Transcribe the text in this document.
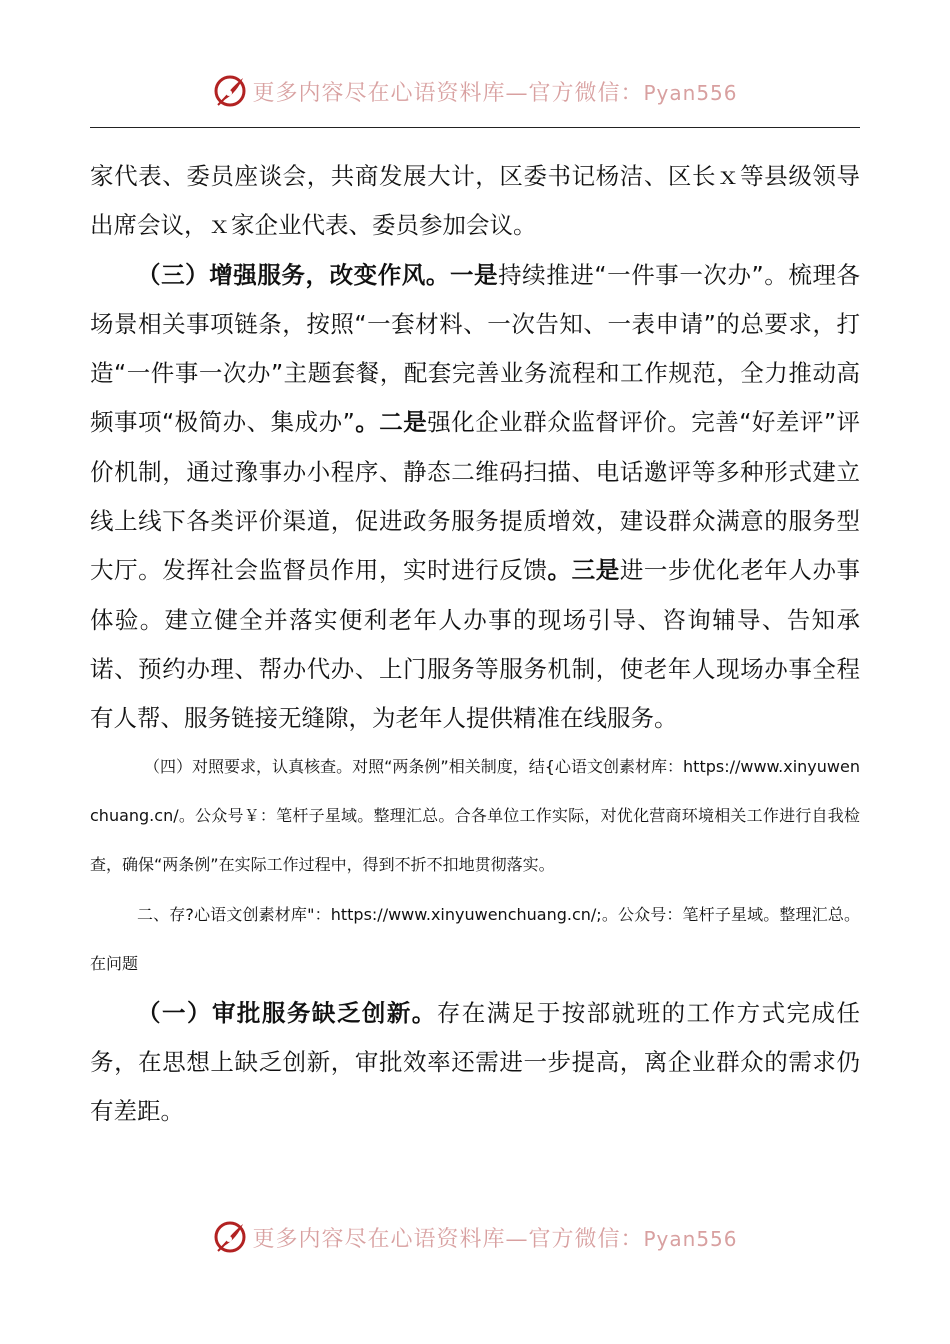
更多内容尽在心语资料库—官方微信：Pyan556

家代表、委员座谈会，共商发展大计，区委书记杨洁、区长ｘ等县级领导出席会议，ｘ家企业代表、委员参加会议。

（三）增强服务，改变作风。一是持续推进“一件事一次办”。梳理各场景相关事项链条，按照“一套材料、一次告知、一表申请”的总要求，打造“一件事一次办”主题套餐，配套完善业务流程和工作规范，全力推动高频事项“极简办、集成办”。二是强化企业群众监督评价。完善“好差评”评价机制，通过豫事办小程序、静态二维码扫描、电话邀评等多种形式建立线上线下各类评价渠道，促进政务服务提质增效，建设群众满意的服务型大厅。发挥社会监督员作用，实时进行反馈。三是进一步优化老年人办事体验。建立健全并落实便利老年人办事的现场引导、咨询辅导、告知承诺、预约办理、帮办代办、上门服务等服务机制，使老年人现场办事全程有人帮、服务链接无缝隙，为老年人提供精准在线服务。

（四）对照要求，认真核查。对照“两条例”相关制度，结{心语文创素材库：https://www.xinyuwenchuang.cn/。公众号￥：笔杆子星域。整理汇总。合各单位工作实际，对优化营商环境相关工作进行自我检查，确保“两条例”在实际工作过程中，得到不折不扣地贯彻落实。

二、存?心语文创素材库"：https://www.xinyuwenchuang.cn/;。公众号：笔杆子星域。整理汇总。在问题

（一）审批服务缺乏创新。存在满足于按部就班的工作方式完成任务，在思想上缺乏创新，审批效率还需进一步提高，离企业群众的需求仍有差距。

更多内容尽在心语资料库—官方微信：Pyan556
